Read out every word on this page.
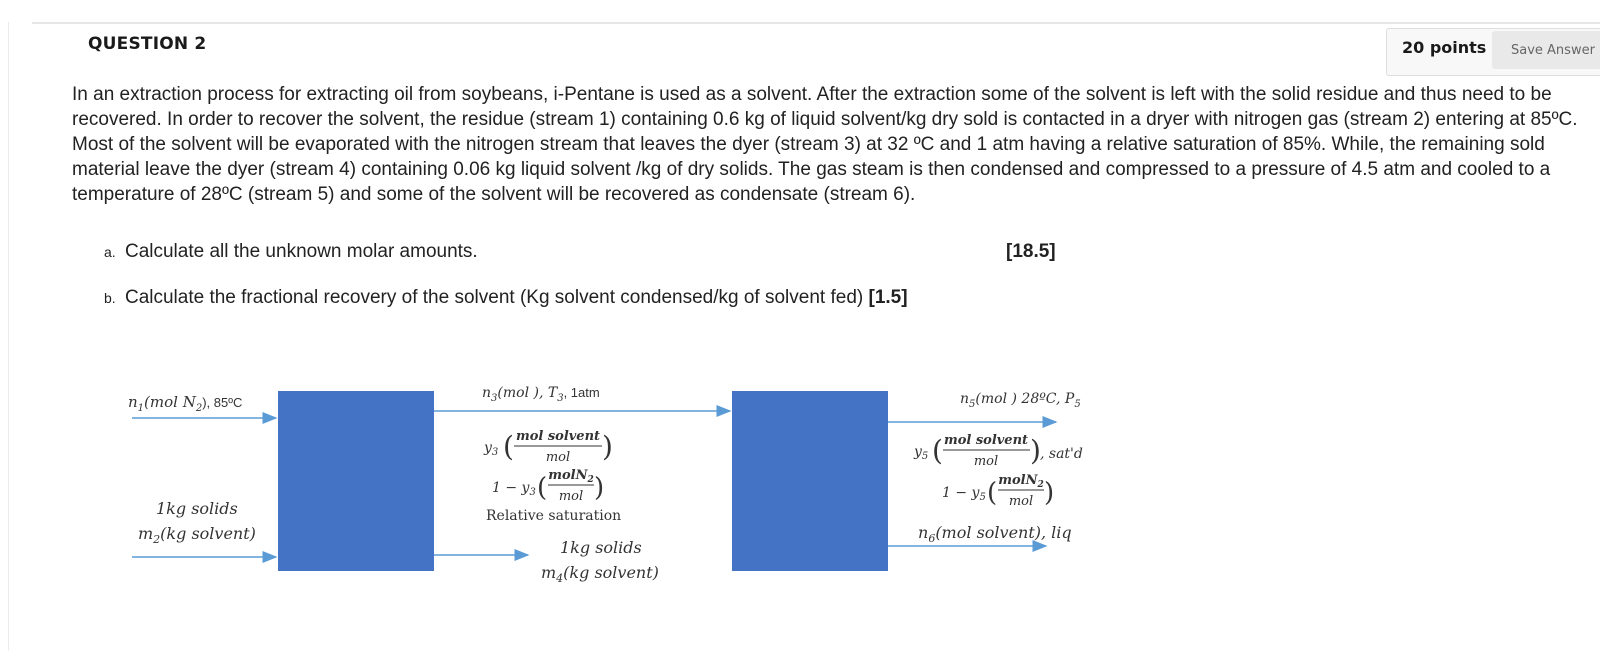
QUESTION 2	20 points	Save Answer

In an extraction process for extracting oil from soybeans, i-Pentane is used as a solvent. After the extraction some of the solvent is left with the solid residue and thus need to be recovered. In order to recover the solvent, the residue (stream 1) containing 0.6 kg of liquid solvent/kg dry sold is contacted in a dryer with nitrogen gas (stream 2) entering at 85ºC. Most of the solvent will be evaporated with the nitrogen stream that leaves the dyer (stream 3) at 32 ºC and 1 atm having a relative saturation of 85%. While, the remaining sold material leave the dyer (stream 4) containing 0.06 kg liquid solvent /kg of dry solids. The gas steam is then condensed and compressed to a pressure of 4.5 atm and cooled to a temperature of 28ºC (stream 5) and some of the solvent will be recovered as condensate (stream 6).

a. Calculate all the unknown molar amounts.	[18.5]
b. Calculate the fractional recovery of the solvent (Kg solvent condensed/kg of solvent fed) [1.5]
$n_1(mol$ $N_2$), 85ºC
1kg solids
$m_2(kg$ solvent)
$n_3(mol$ ), $T_3$, 1atm
$y_3$ ( mol solvent
mol )
$1 - y_3$ ( molN$_2$
mol )
Relative saturation
1kg solids
$m_4(kg$ solvent)
$n_5(mol$ ) 28ºC, $P_5$
$y_5$ ( mol solvent
mol ) , sat'd
$1 - y_5$ ( molN$_2$
mol )
$n_6(mol$ solvent), liq
